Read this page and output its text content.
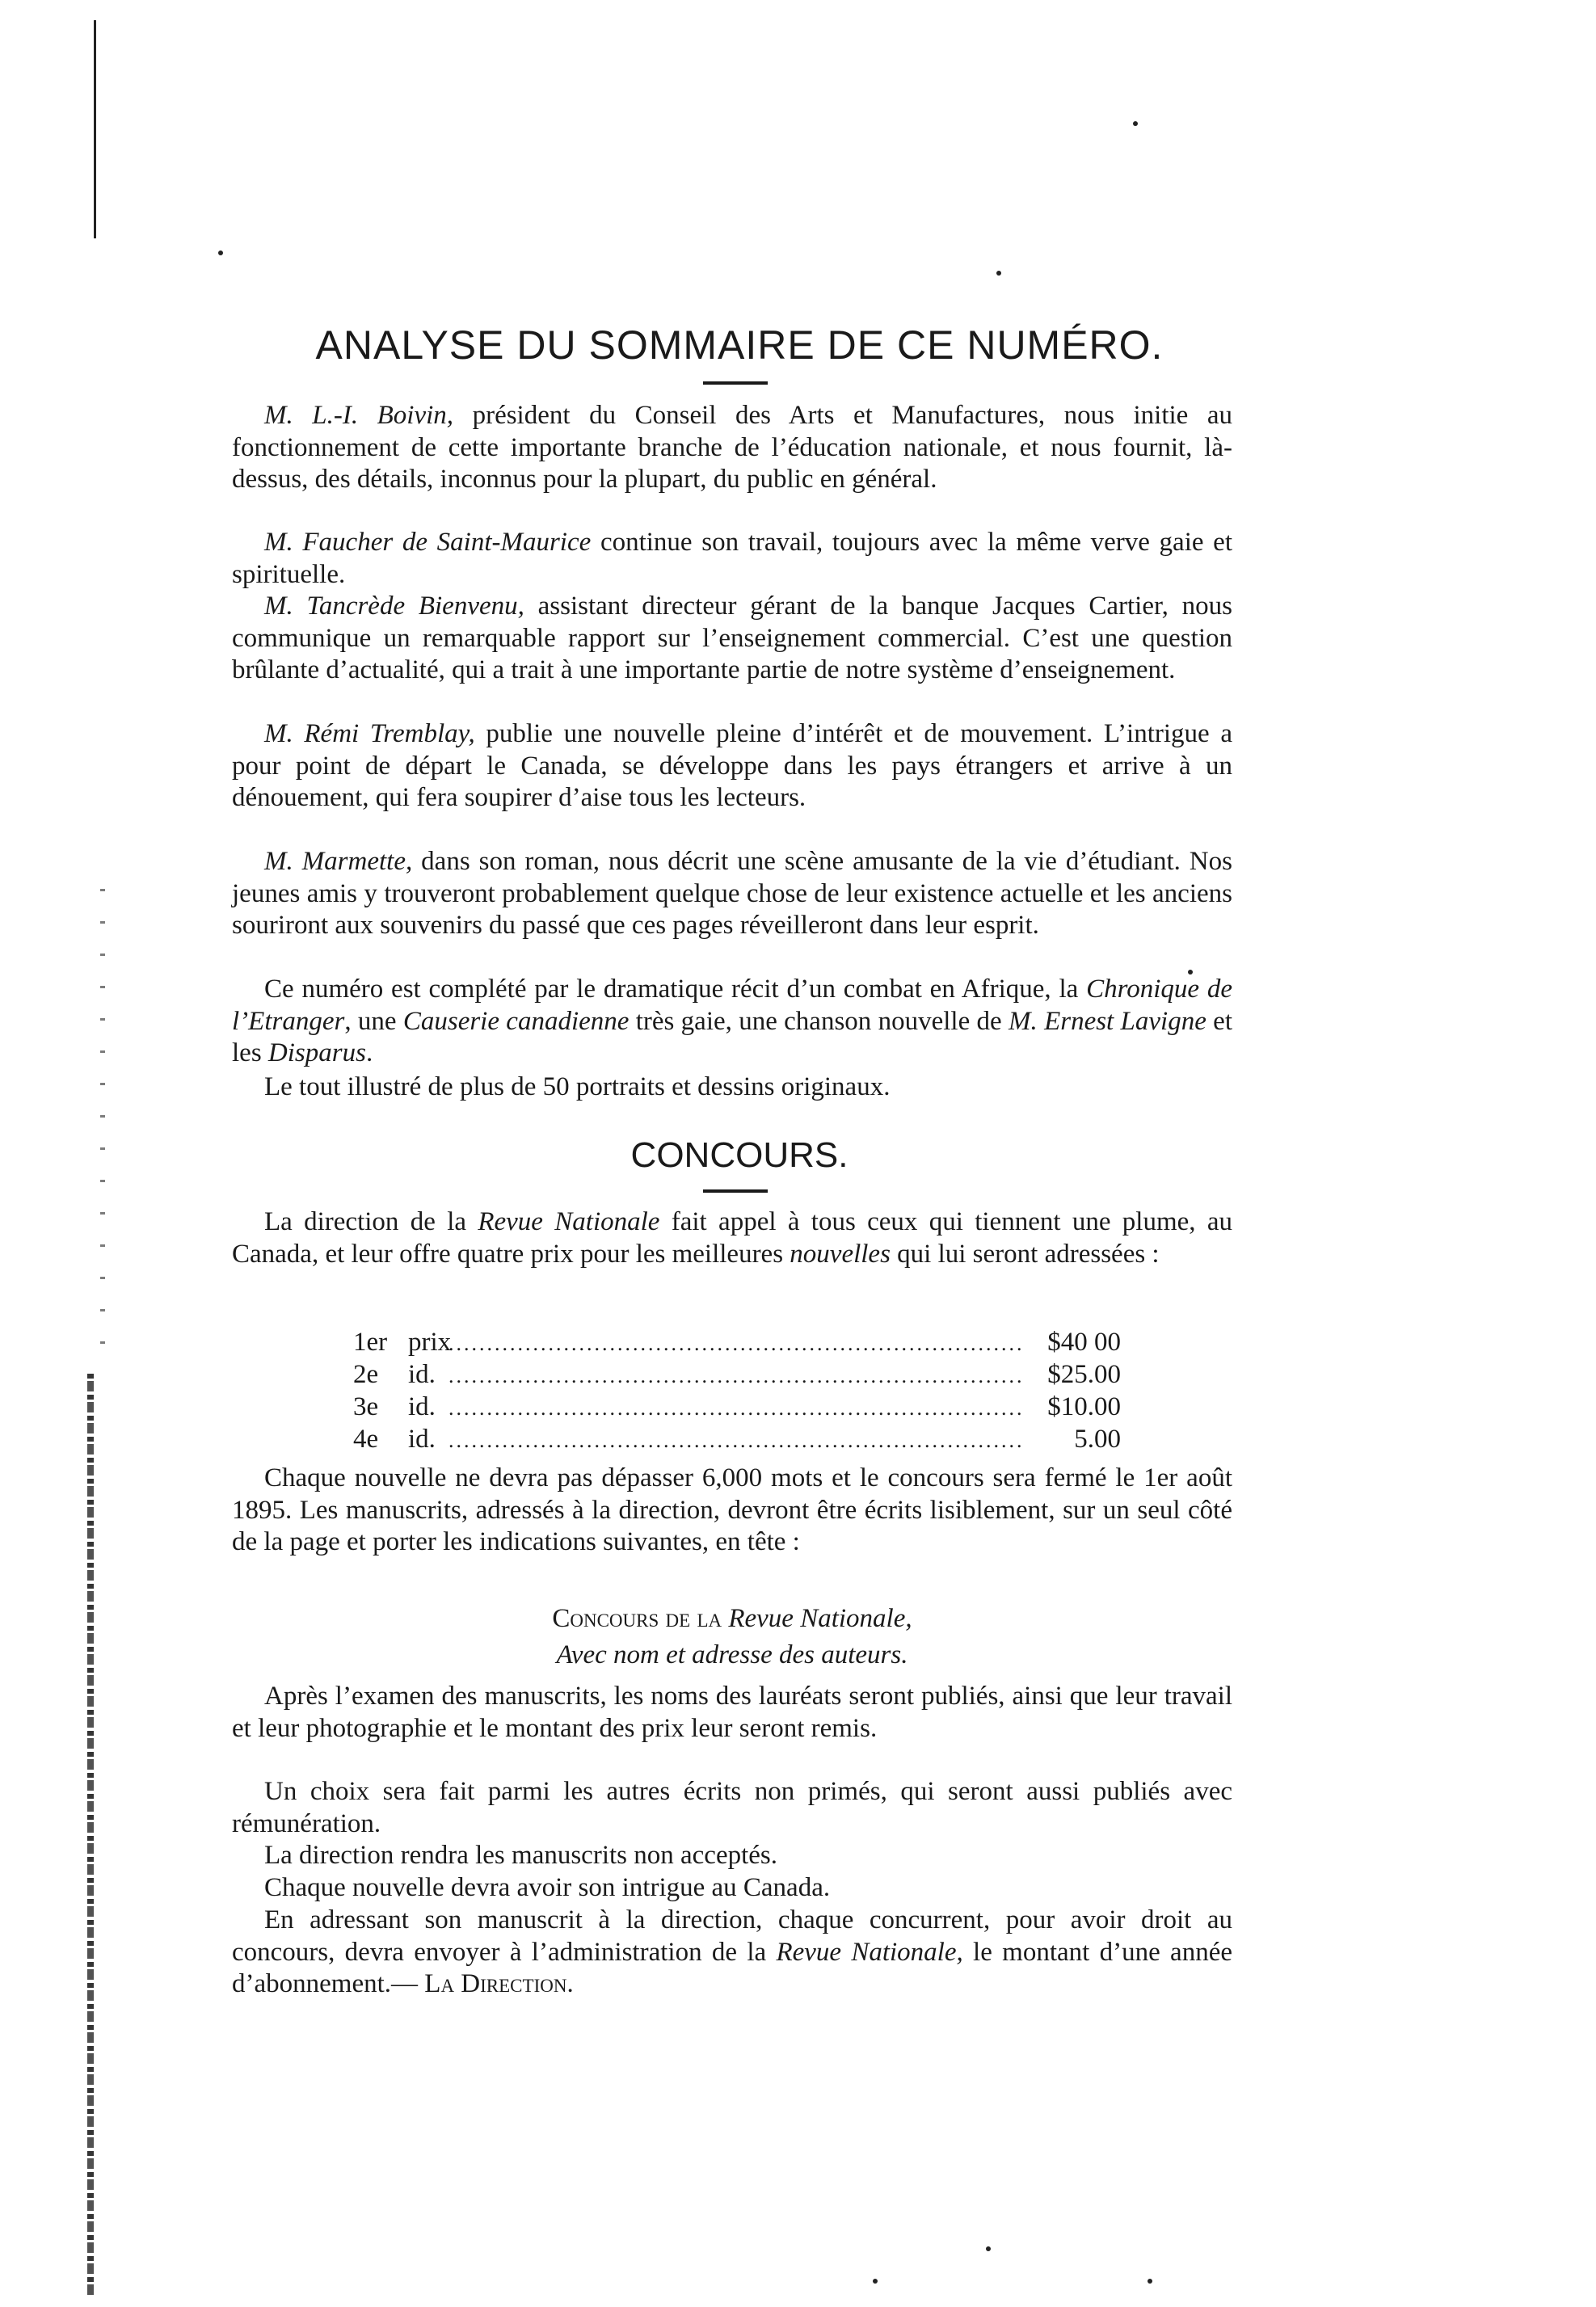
ANALYSE DU SOMMAIRE DE CE NUMÉRO.

M. L.-I. Boivin, président du Conseil des Arts et Manufactures, nous initie au fonctionnement de cette importante branche de l’éducation nationale, et nous fournit, là-dessus, des détails, inconnus pour la plupart, du public en général.

M. Faucher de Saint-Maurice continue son travail, toujours avec la même verve gaie et spirituelle.

M. Tancrède Bienvenu, assistant directeur gérant de la banque Jacques Cartier, nous communique un remarquable rapport sur l’enseignement commercial. C’est une question brûlante d’actualité, qui a trait à une importante partie de notre système d’enseignement.

M. Rémi Tremblay, publie une nouvelle pleine d’intérêt et de mouvement. L’intrigue a pour point de départ le Canada, se développe dans les pays étrangers et arrive à un dénouement, qui fera soupirer d’aise tous les lecteurs.

M. Marmette, dans son roman, nous décrit une scène amusante de la vie d’étudiant. Nos jeunes amis y trouveront probablement quelque chose de leur existence actuelle et les anciens souriront aux souvenirs du passé que ces pages réveilleront dans leur esprit.

Ce numéro est complété par le dramatique récit d’un combat en Afrique, la Chronique de l’Etranger, une Causerie canadienne très gaie, une chanson nouvelle de M. Ernest Lavigne et les Disparus.

Le tout illustré de plus de 50 portraits et dessins originaux.

CONCOURS.

La direction de la Revue Nationale fait appel à tous ceux qui tiennent une plume, au Canada, et leur offre quatre prix pour les meilleures nouvelles qui lui seront adressées :

1er prix .....	$40 00
2e	id. .....	$25.00
3e	id. .....	$10.00
4e	id. .....	5.00

Chaque nouvelle ne devra pas dépasser 6,000 mots et le concours sera fermé le 1er août 1895. Les manuscrits, adressés à la direction, devront être écrits lisiblement, sur un seul côté de la page et porter les indications suivantes, en tête :

Concours de la Revue Nationale,
Avec nom et adresse des auteurs.

Après l’examen des manuscrits, les noms des lauréats seront publiés, ainsi que leur travail et leur photographie et le montant des prix leur seront remis.

Un choix sera fait parmi les autres écrits non primés, qui seront aussi publiés avec rémunération.

La direction rendra les manuscrits non acceptés.

Chaque nouvelle devra avoir son intrigue au Canada.

En adressant son manuscrit à la direction, chaque concurrent, pour avoir droit au concours, devra envoyer à l’administration de la Revue Nationale, le montant d’une année d’abonnement.— La Direction.
